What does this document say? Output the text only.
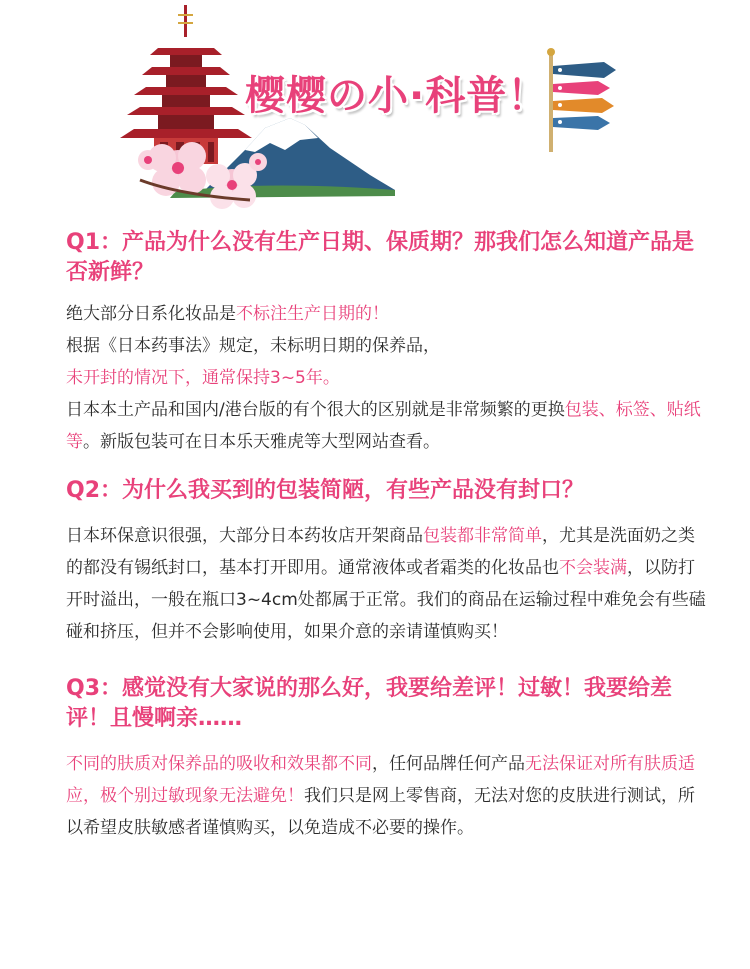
樱樱の小·科普！
Q1：产品为什么没有生产日期、保质期？那我们怎么知道产品是否新鲜？

绝大部分日系化妆品是不标注生产日期的！

根据《日本药事法》规定，未标明日期的保养品，

未开封的情况下，通常保持3~5年。

日本本土产品和国内/港台版的有个很大的区别就是非常频繁的更换包装、标签、贴纸等。新版包装可在日本乐天雅虎等大型网站查看。

Q2：为什么我买到的包装简陋，有些产品没有封口？

日本环保意识很强，大部分日本药妆店开架商品包装都非常简单，尤其是洗面奶之类的都没有锡纸封口，基本打开即用。通常液体或者霜类的化妆品也不会装满，以防打开时溢出，一般在瓶口3~4cm处都属于正常。我们的商品在运输过程中难免会有些磕碰和挤压，但并不会影响使用，如果介意的亲请谨慎购买！

Q3：感觉没有大家说的那么好，我要给差评！过敏！我要给差评！且慢啊亲……

不同的肤质对保养品的吸收和效果都不同，任何品牌任何产品无法保证对所有肤质适应，极个别过敏现象无法避免！我们只是网上零售商，无法对您的皮肤进行测试，所以希望皮肤敏感者谨慎购买，以免造成不必要的操作。
